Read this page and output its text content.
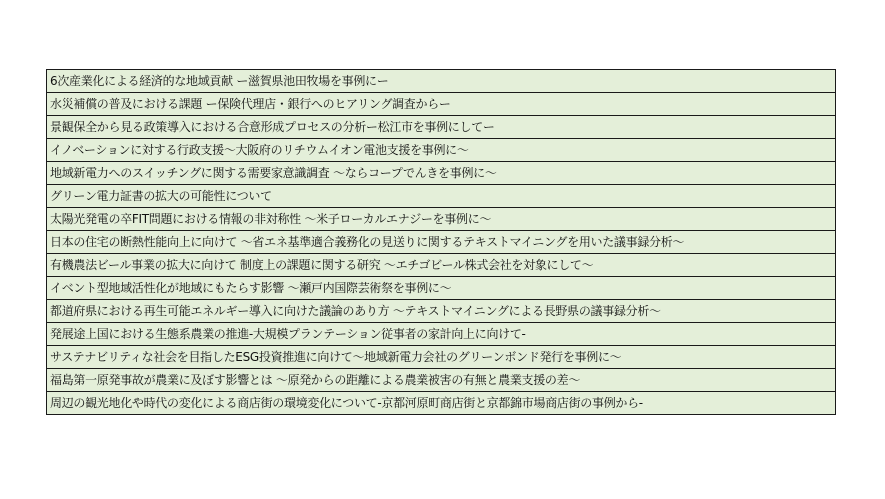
6次産業化による経済的な地域貢献 ー滋賀県池田牧場を事例にー
水災補償の普及における課題 ー保険代理店・銀行へのヒアリング調査からー
景観保全から見る政策導入における合意形成プロセスの分析ー松江市を事例にしてー
イノベーションに対する行政支援～大阪府のリチウムイオン電池支援を事例に～
地域新電力へのスイッチングに関する需要家意識調査 ～ならコープでんきを事例に～
グリーン電力証書の拡大の可能性について
太陽光発電の卒FIT問題における情報の非対称性 ～米子ローカルエナジーを事例に～
日本の住宅の断熱性能向上に向けて ～省エネ基準適合義務化の見送りに関するテキストマイニングを用いた議事録分析～
有機農法ビール事業の拡大に向けて 制度上の課題に関する研究 ～エチゴビール株式会社を対象にして～
イベント型地域活性化が地域にもたらす影響 ～瀬戸内国際芸術祭を事例に～
都道府県における再生可能エネルギー導入に向けた議論のあり方 ～テキストマイニングによる長野県の議事録分析～
発展途上国における生態系農業の推進-大規模プランテーション従事者の家計向上に向けて-
サステナビリティな社会を目指したESG投資推進に向けて～地域新電力会社のグリーンボンド発行を事例に～
福島第一原発事故が農業に及ぼす影響とは ～原発からの距離による農業被害の有無と農業支援の差～
周辺の観光地化や時代の変化による商店街の環境変化について-京都河原町商店街と京都錦市場商店街の事例から-
